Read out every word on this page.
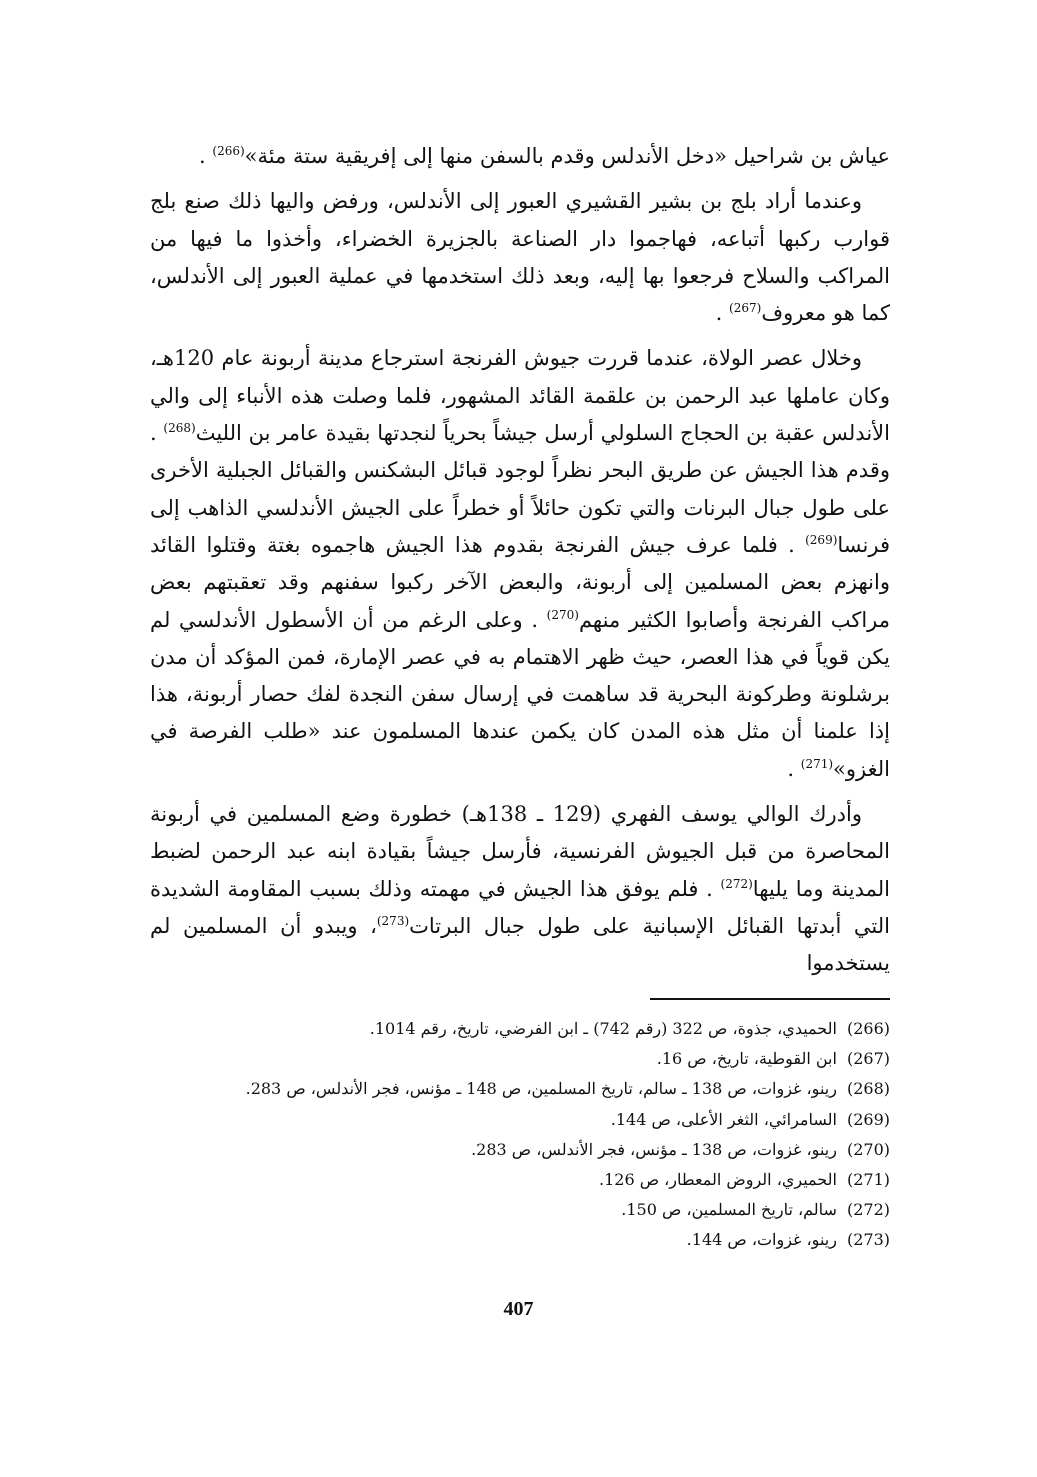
عياش بن شراحيل «دخل الأندلس وقدم بالسفن منها إلى إفريقية ستة مئة»$^{(266)}$ .

وعندما أراد بلج بن بشير القشيري العبور إلى الأندلس، ورفض واليها ذلك صنع بلج قوارب ركبها أتباعه، فهاجموا دار الصناعة بالجزيرة الخضراء، وأخذوا ما فيها من المراكب والسلاح فرجعوا بها إليه، وبعد ذلك استخدمها في عملية العبور إلى الأندلس، كما هو معروف$^{(267)}$ .

وخلال عصر الولاة، عندما قررت جيوش الفرنجة استرجاع مدينة أربونة عام 120هـ، وكان عاملها عبد الرحمن بن علقمة القائد المشهور، فلما وصلت هذه الأنباء إلى والي الأندلس عقبة بن الحجاج السلولي أرسل جيشاً بحرياً لنجدتها بقيدة عامر بن الليث$^{(268)}$ . وقدم هذا الجيش عن طريق البحر نظراً لوجود قبائل البشكنس والقبائل الجبلية الأخرى على طول جبال البرنات والتي تكون حائلاً أو خطراً على الجيش الأندلسي الذاهب إلى فرنسا$^{(269)}$ . فلما عرف جيش الفرنجة بقدوم هذا الجيش هاجموه بغتة وقتلوا القائد وانهزم بعض المسلمين إلى أربونة، والبعض الآخر ركبوا سفنهم وقد تعقبتهم بعض مراكب الفرنجة وأصابوا الكثير منهم$^{(270)}$ . وعلى الرغم من أن الأسطول الأندلسي لم يكن قوياً في هذا العصر، حيث ظهر الاهتمام به في عصر الإمارة، فمن المؤكد أن مدن برشلونة وطركونة البحرية قد ساهمت في إرسال سفن النجدة لفك حصار أربونة، هذا إذا علمنا أن مثل هذه المدن كان يكمن عندها المسلمون عند «طلب الفرصة في الغزو»$^{(271)}$ .

وأدرك الوالي يوسف الفهري (129 ـ 138هـ) خطورة وضع المسلمين في أربونة المحاصرة من قبل الجيوش الفرنسية، فأرسل جيشاً بقيادة ابنه عبد الرحمن لضبط المدينة وما يليها$^{(272)}$ . فلم يوفق هذا الجيش في مهمته وذلك بسبب المقاومة الشديدة التي أبدتها القبائل الإسبانية على طول جبال البرتات$^{(273)}$، ويبدو أن المسلمين لم يستخدموا

(266)الحميدي، جذوة، ص 322 (رقم 742) ـ ابن الفرضي، تاريخ، رقم 1014.
(267)ابن القوطية، تاريخ، ص 16.
(268)رينو، غزوات، ص 138 ـ سالم، تاريخ المسلمين، ص 148 ـ مؤنس، فجر الأندلس، ص 283.
(269)السامرائي، الثغر الأعلى، ص 144.
(270)رينو، غزوات، ص 138 ـ مؤنس، فجر الأندلس، ص 283.
(271)الحميري، الروض المعطار، ص 126.
(272)سالم، تاريخ المسلمين، ص 150.
(273)رينو، غزوات، ص 144.
407
